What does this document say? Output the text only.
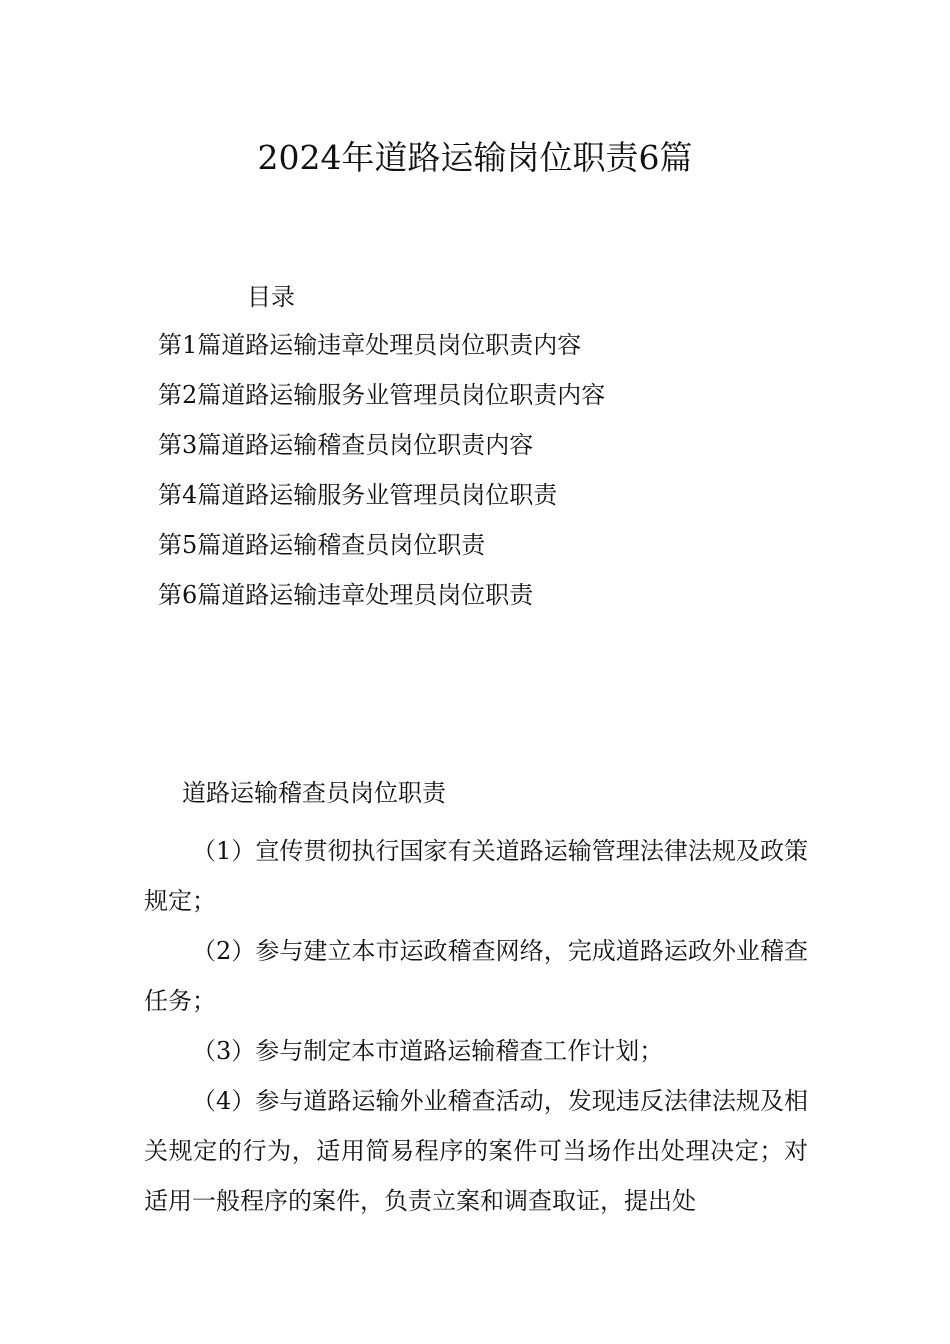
2024年道路运输岗位职责6篇
目录
第1篇道路运输违章处理员岗位职责内容
第2篇道路运输服务业管理员岗位职责内容
第3篇道路运输稽查员岗位职责内容
第4篇道路运输服务业管理员岗位职责
第5篇道路运输稽查员岗位职责
第6篇道路运输违章处理员岗位职责
道路运输稽查员岗位职责

（1）宣传贯彻执行国家有关道路运输管理法律法规及政策规定；

（2）参与建立本市运政稽查网络，完成道路运政外业稽查任务；

（3）参与制定本市道路运输稽查工作计划；

（4）参与道路运输外业稽查活动，发现违反法律法规及相关规定的行为，适用简易程序的案件可当场作出处理决定；对适用一般程序的案件，负责立案和调查取证，提出处
